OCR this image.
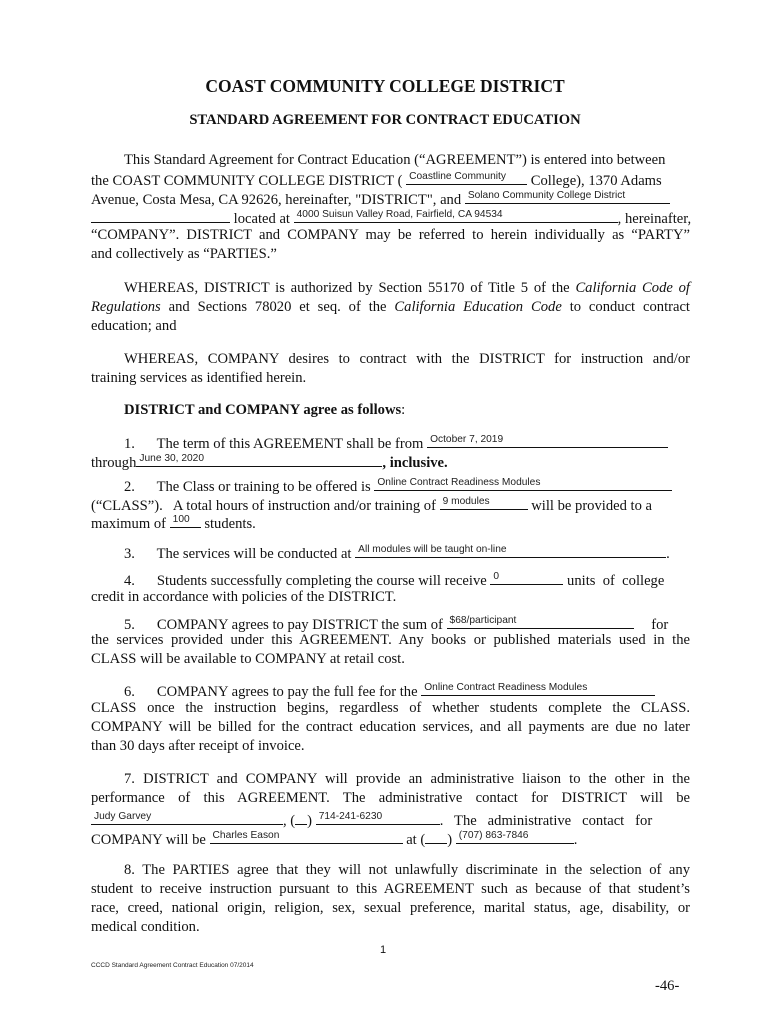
COAST COMMUNITY COLLEGE DISTRICT
STANDARD AGREEMENT FOR CONTRACT EDUCATION
This Standard Agreement for Contract Education (“AGREEMENT”) is entered into between
the COAST COMMUNITY COLLEGE DISTRICT ( Coastline Community College), 1370 Adams
Avenue, Costa Mesa, CA 92626, hereinafter, "DISTRICT", and Solano Community College District
located at 4000 Suisun Valley Road, Fairfield, CA 94534	, hereinafter,
“COMPANY”. DISTRICT and COMPANY may be referred to herein individually as “PARTY”
and collectively as “PARTIES.”
WHEREAS, DISTRICT is authorized by Section 55170 of Title 5 of the California Code of
Regulations and Sections 78020 et seq. of the California Education Code to conduct contract
education; and
WHEREAS, COMPANY desires to contract with the DISTRICT for instruction and/or
training services as identified herein.
DISTRICT and COMPANY agree as follows:
1.      The term of this AGREEMENT shall be from October 7, 2019
through June 30, 2020	, inclusive.
2.      The Class or training to be offered is Online Contract Readiness Modules
(“CLASS”).   A total hours of instruction and/or training of 9 modules	will be provided to a
maximum of 100 students.
3.      The services will be conducted at All modules will be taught on-line	.
4.      Students successfully completing the course will receive 0	units  of  college
credit in accordance with policies of the DISTRICT.
5.      COMPANY agrees to pay DISTRICT the sum of $68/participant	for
the services provided under this AGREEMENT. Any books or published materials used in the
CLASS will be available to COMPANY at retail cost.
6.      COMPANY agrees to pay the full fee for the Online Contract Readiness Modules
CLASS once the instruction begins, regardless of whether students complete the CLASS.
COMPANY will be billed for the contract education services, and all payments are due no later
than 30 days after receipt of invoice.
7. DISTRICT and COMPANY will provide an administrative liaison to the other in the
performance of this AGREEMENT. The administrative contact for DISTRICT will be
Judy Garvey	, ( ) 714-241-6230	.   The   administrative   contact   for
COMPANY will be Charles Eason	at ( ) (707) 863-7846	.
8. The PARTIES agree that they will not unlawfully discriminate in the selection of any
student to receive instruction pursuant to this AGREEMENT such as because of that student’s
race, creed, national origin, religion, sex, sexual preference, marital status, age, disability, or
medical condition.
1
CCCD Standard Agreement Contract Education 07/2014
-46-
